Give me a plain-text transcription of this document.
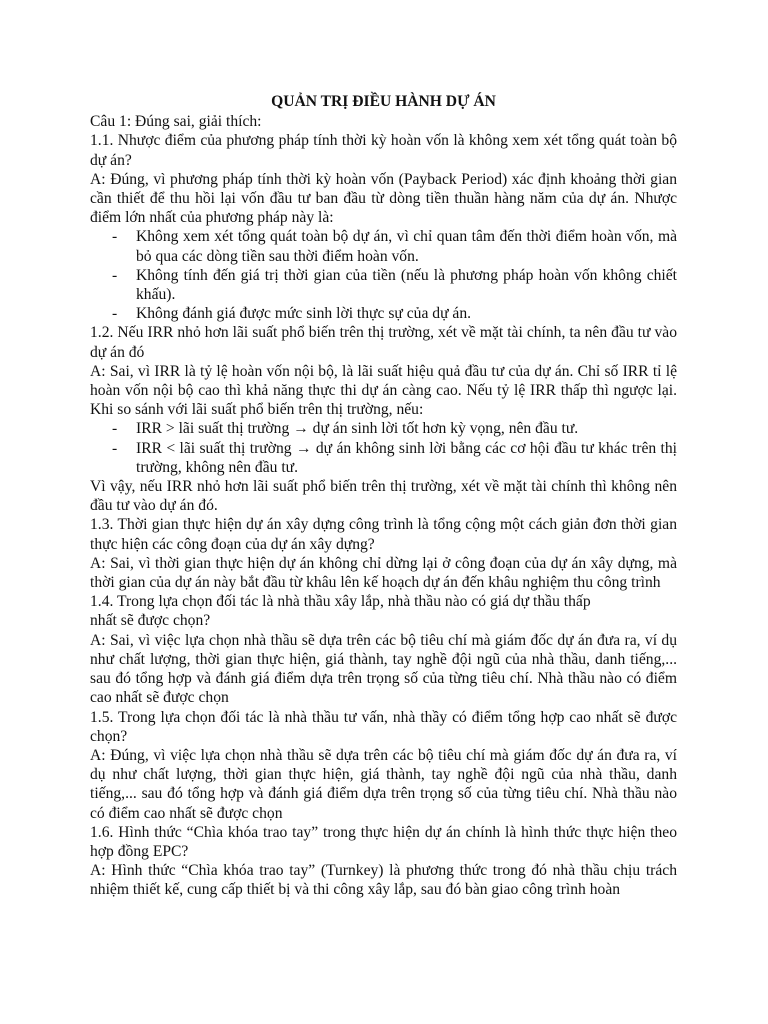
QUẢN TRỊ ĐIỀU HÀNH DỰ ÁN

Câu 1: Đúng sai, giải thích:

1.1. Nhược điểm của phương pháp tính thời kỳ hoàn vốn là không xem xét tổng quát toàn bộ dự án?

A: Đúng, vì phương pháp tính thời kỳ hoàn vốn (Payback Period) xác định khoảng thời gian cần thiết để thu hồi lại vốn đầu tư ban đầu từ dòng tiền thuần hàng năm của dự án. Nhược điểm lớn nhất của phương pháp này là:

- Không xem xét tổng quát toàn bộ dự án, vì chỉ quan tâm đến thời điểm hoàn vốn, mà bỏ qua các dòng tiền sau thời điểm hoàn vốn.
- Không tính đến giá trị thời gian của tiền (nếu là phương pháp hoàn vốn không chiết khấu).
- Không đánh giá được mức sinh lời thực sự của dự án.

1.2. Nếu IRR nhỏ hơn lãi suất phổ biến trên thị trường, xét về mặt tài chính, ta nên đầu tư vào dự án đó

A: Sai, vì IRR là tỷ lệ hoàn vốn nội bộ, là lãi suất hiệu quả đầu tư của dự án. Chỉ số IRR tỉ lệ hoàn vốn nội bộ cao thì khả năng thực thi dự án càng cao. Nếu tỷ lệ IRR thấp thì ngược lại. Khi so sánh với lãi suất phổ biến trên thị trường, nếu:

- IRR > lãi suất thị trường → dự án sinh lời tốt hơn kỳ vọng, nên đầu tư.
- IRR < lãi suất thị trường → dự án không sinh lời bằng các cơ hội đầu tư khác trên thị trường, không nên đầu tư.

Vì vậy, nếu IRR nhỏ hơn lãi suất phổ biến trên thị trường, xét về mặt tài chính thì không nên đầu tư vào dự án đó.

1.3. Thời gian thực hiện dự án xây dựng công trình là tổng cộng một cách giản đơn thời gian thực hiện các công đoạn của dự án xây dựng?

A: Sai, vì thời gian thực hiện dự án không chỉ dừng lại ở công đoạn của dự án xây dựng, mà thời gian của dự án này bắt đầu từ khâu lên kế hoạch dự án đến khâu nghiệm thu công trình

1.4. Trong lựa chọn đối tác là nhà thầu xây lắp, nhà thầu nào có giá dự thầu thấp

nhất sẽ được chọn?

A: Sai, vì việc lựa chọn nhà thầu sẽ dựa trên các bộ tiêu chí mà giám đốc dự án đưa ra, ví dụ như chất lượng, thời gian thực hiện, giá thành, tay nghề đội ngũ của nhà thầu, danh tiếng,... sau đó tổng hợp và đánh giá điểm dựa trên trọng số của từng tiêu chí. Nhà thầu nào có điểm cao nhất sẽ được chọn

1.5. Trong lựa chọn đối tác là nhà thầu tư vấn, nhà thầy có điểm tổng hợp cao nhất sẽ được chọn?

A: Đúng, vì việc lựa chọn nhà thầu sẽ dựa trên các bộ tiêu chí mà giám đốc dự án đưa ra, ví dụ như chất lượng, thời gian thực hiện, giá thành, tay nghề đội ngũ của nhà thầu, danh tiếng,... sau đó tổng hợp và đánh giá điểm dựa trên trọng số của từng tiêu chí. Nhà thầu nào có điểm cao nhất sẽ được chọn

1.6. Hình thức “Chìa khóa trao tay” trong thực hiện dự án chính là hình thức thực hiện theo hợp đồng EPC?

A: Hình thức “Chìa khóa trao tay” (Turnkey) là phương thức trong đó nhà thầu chịu trách nhiệm thiết kế, cung cấp thiết bị và thi công xây lắp, sau đó bàn giao công trình hoàn
